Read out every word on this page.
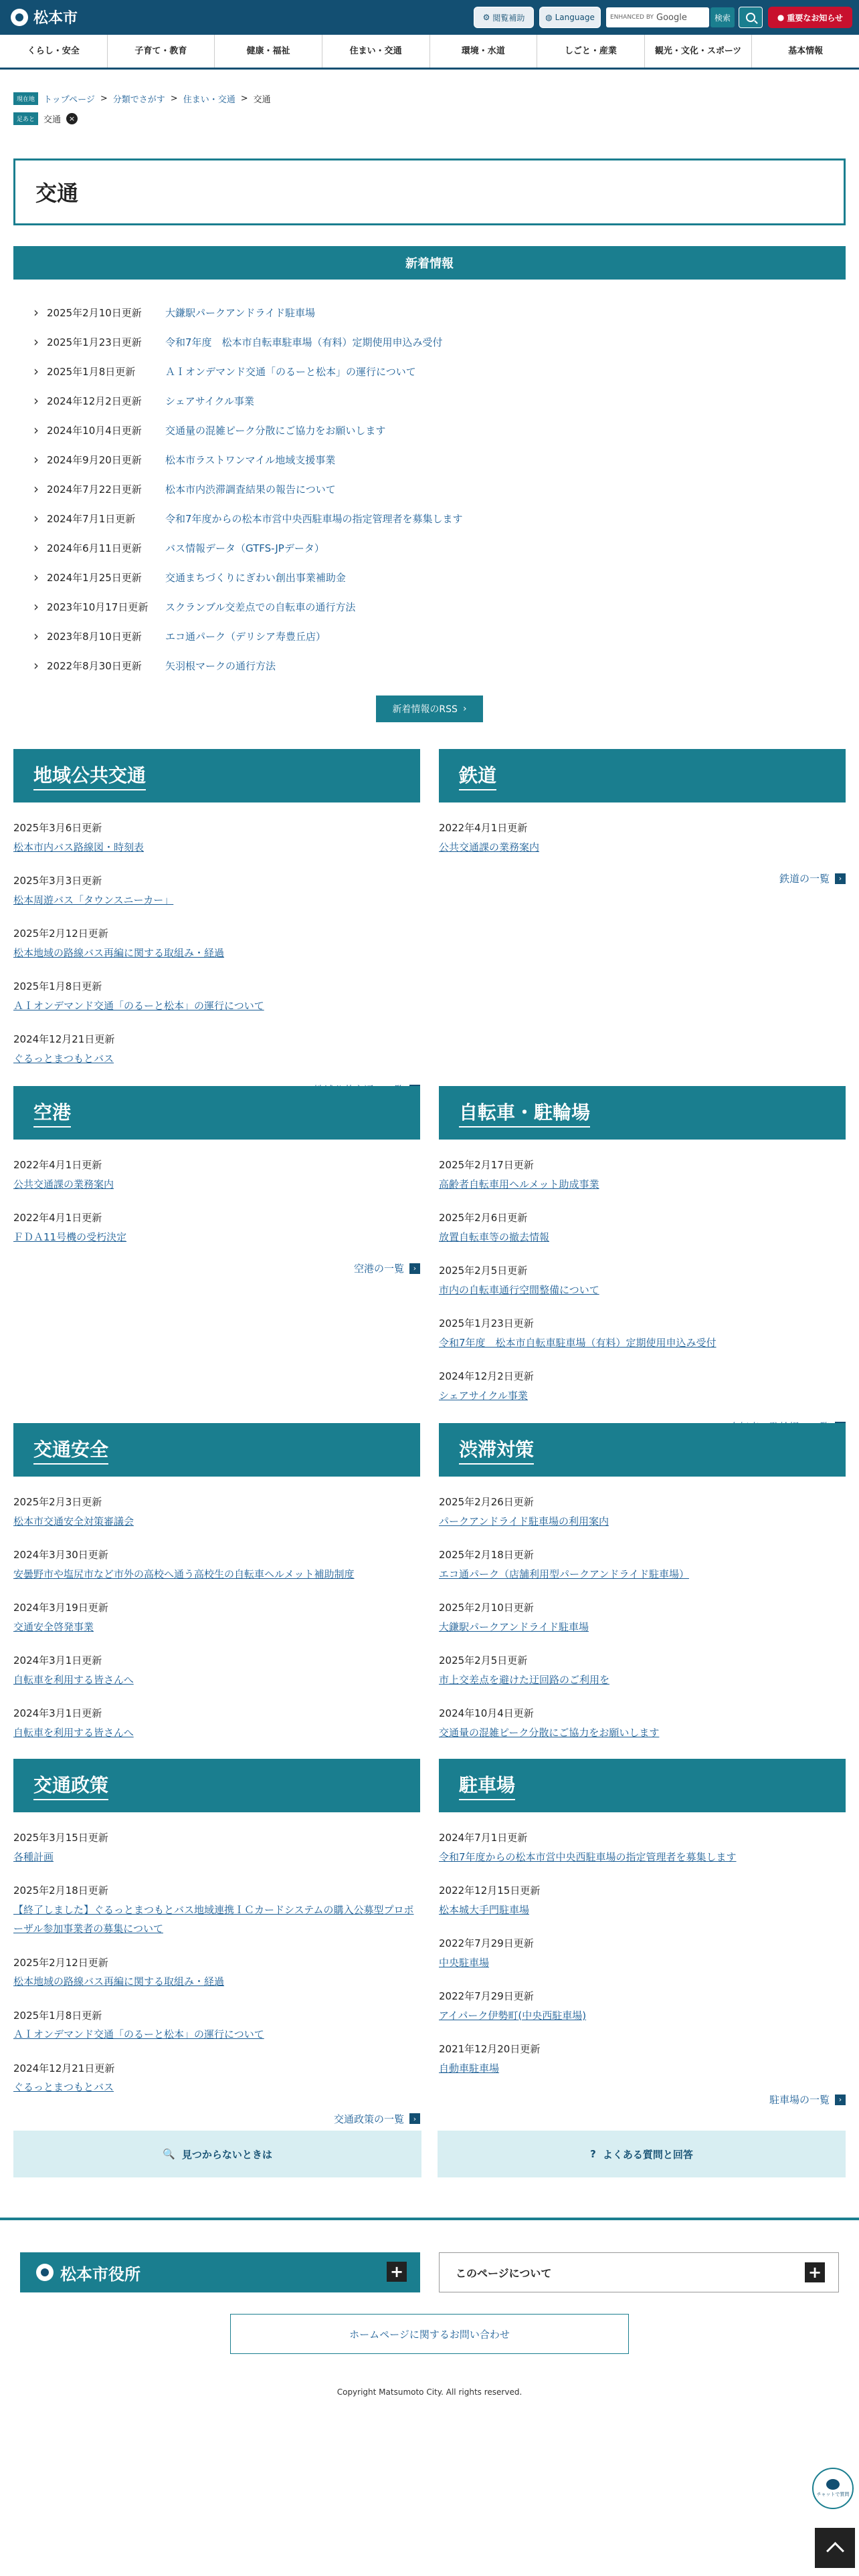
松本市	⚙ 閲覧補助	◍ Language	ENHANCED BY Google	検索	● 重要なお知らせ
くらし・安全	子育て・教育	健康・福祉	住まい・交通	環境・水道	しごと・産業	観光・文化・スポーツ	基本情報
現在地	トップページ > 分類でさがす > 住まい・交通 > 交通
足あと	交通	×
交通
新着情報
› 2025年2月10日更新	大鎌駅パークアンドライド駐車場
› 2025年1月23日更新	令和7年度　松本市自転車駐車場（有料）定期使用申込み受付
› 2025年1月8日更新	ＡＩオンデマンド交通「のるーと松本」の運行について
› 2024年12月2日更新	シェアサイクル事業
› 2024年10月4日更新	交通量の混雑ピーク分散にご協力をお願いします
› 2024年9月20日更新	松本市ラストワンマイル地域支援事業
› 2024年7月22日更新	松本市内渋滞調査結果の報告について
› 2024年7月1日更新	令和7年度からの松本市営中央西駐車場の指定管理者を募集します
› 2024年6月11日更新	バス情報データ（GTFS-JPデータ）
› 2024年1月25日更新	交通まちづくりにぎわい創出事業補助金
› 2023年10月17日更新	スクランブル交差点での自転車の通行方法
› 2023年8月10日更新	エコ通パーク（デリシア寿豊丘店）
› 2022年8月30日更新	矢羽根マークの通行方法
新着情報のRSS ›
地域公共交通
2025年3月6日更新
松本市内バス路線図・時刻表
2025年3月3日更新
松本周遊バス「タウンスニーカー」
2025年2月12日更新
松本地域の路線バス再編に関する取組み・経過
2025年1月8日更新
ＡＩオンデマンド交通「のるーと松本」の運行について
2024年12月21日更新
ぐるっとまつもとバス
鉄道
2022年4月1日更新
公共交通課の業務案内
鉄道の一覧	›
空港
2022年4月1日更新
公共交通課の業務案内
2022年4月1日更新
ＦＤＡ11号機の受朽決定
空港の一覧	›
自転車・駐輪場
2025年2月17日更新
高齢者自転車用ヘルメット助成事業
2025年2月6日更新
放置自転車等の撤去情報
2025年2月5日更新
市内の自転車通行空間整備について
2025年1月23日更新
令和7年度　松本市自転車駐車場（有料）定期使用申込み受付
2024年12月2日更新
シェアサイクル事業
交通安全
2025年2月3日更新
松本市交通安全対策審議会
2024年3月30日更新
安曇野市や塩尻市など市外の高校へ通う高校生の自転車ヘルメット補助制度
2024年3月19日更新
交通安全啓発事業
2024年3月1日更新
自転車を利用する皆さんへ
2024年3月1日更新
自転車を利用する皆さんへ
渋滞対策
2025年2月26日更新
パークアンドライド駐車場の利用案内
2025年2月18日更新
エコ通パーク（店舗利用型パークアンドライド駐車場）
2025年2月10日更新
大鎌駅パークアンドライド駐車場
2025年2月5日更新
市上交差点を避けた迂回路のご利用を
2024年10月4日更新
交通量の混雑ピーク分散にご協力をお願いします
交通政策
2025年3月15日更新
各種計画
2025年2月18日更新
【終了しました】ぐるっとまつもとバス地域連携ＩＣカードシステムの購入公募型プロポーザル参加事業者の募集について
2025年2月12日更新
松本地域の路線バス再編に関する取組み・経過
2025年1月8日更新
ＡＩオンデマンド交通「のるーと松本」の運行について
2024年12月21日更新
ぐるっとまつもとバス
交通政策の一覧	›
駐車場
2024年7月1日更新
令和7年度からの松本市営中央西駐車場の指定管理者を募集します
2022年12月15日更新
松本城大手門駐車場
2022年7月29日更新
中央駐車場
2022年7月29日更新
アイパーク伊勢町(中央西駐車場)
2021年12月20日更新
自動車駐車場
駐車場の一覧	›
🔍 見つからないときは	? よくある質問と回答
松本市役所	+	このページについて	+
ホームページに関するお問い合わせ
Copyright Matsumoto City. All rights reserved.
チャットで質問
